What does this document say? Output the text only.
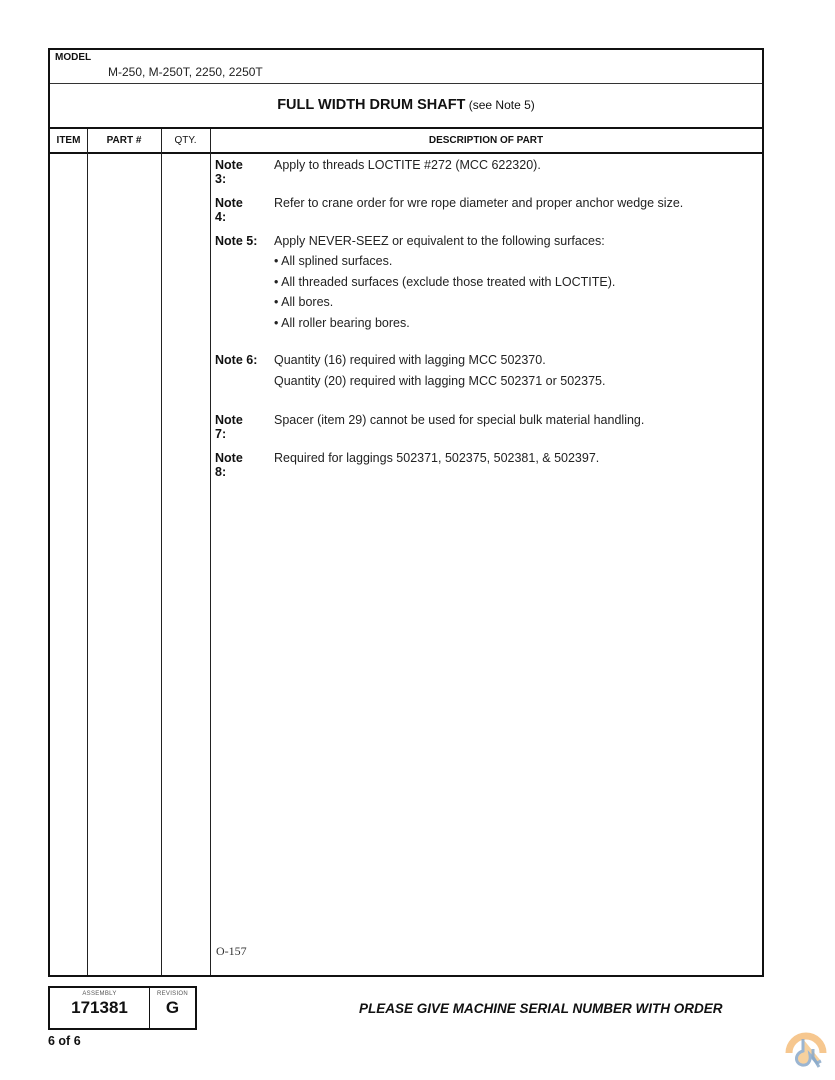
MODEL
M-250, M-250T, 2250, 2250T
FULL WIDTH DRUM SHAFT (see Note 5)
ITEM	PART #	QTY.	DESCRIPTION OF PART
Note 3:
Apply to threads LOCTITE #272 (MCC 622320).
Note 4:
Refer to crane order for wre rope diameter and proper anchor wedge size.
Note 5: Apply NEVER-SEEZ or equivalent to the following surfaces:
• All splined surfaces.
• All threaded surfaces (exclude those treated with LOCTITE).
• All bores.
• All roller bearing bores.
Note 6: Quantity (16) required with lagging MCC 502370.
Quantity (20) required with lagging MCC 502371 or 502375.
Note 7:
Spacer (item 29) cannot be used for special bulk material handling.
Note 8:
Required for laggings 502371, 502375, 502381, & 502397.
O-157
ASSEMBLY
171381
REVISION
G	PLEASE GIVE MACHINE SERIAL NUMBER WITH ORDER
6 of 6
